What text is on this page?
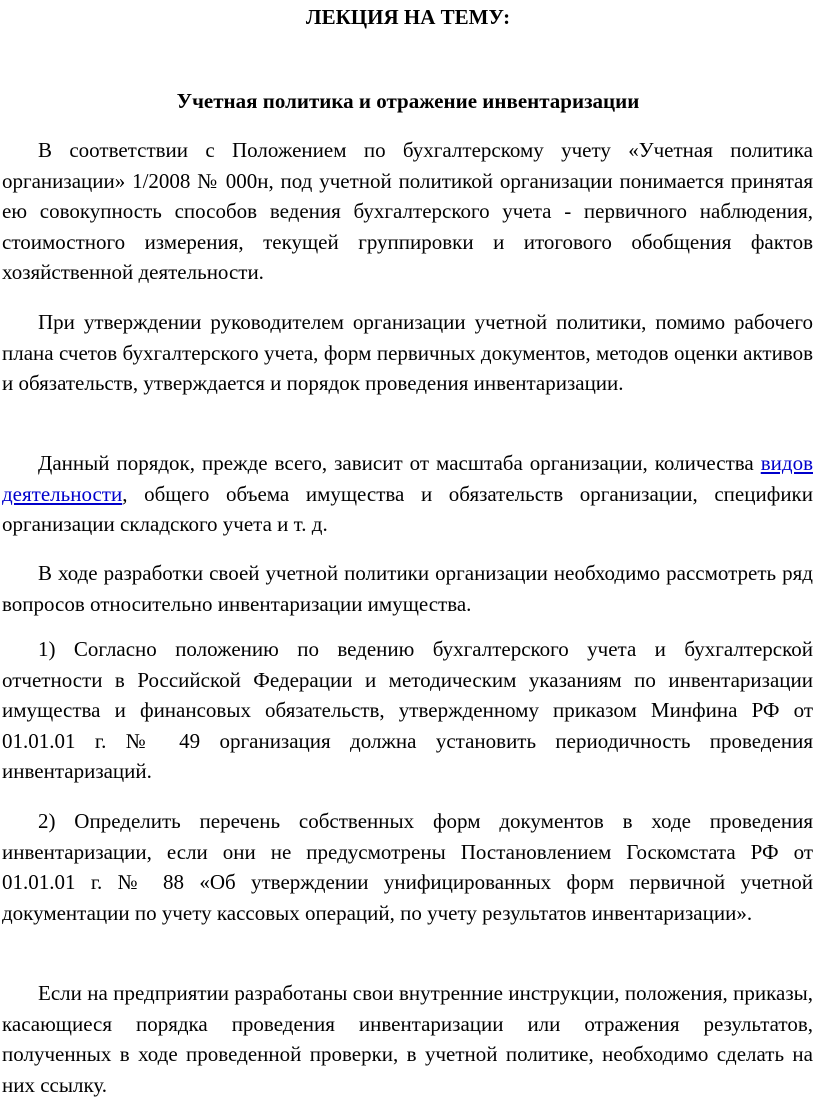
ЛЕКЦИЯ НА ТЕМУ:
Учетная политика и отражение инвентаризации

В соответствии с Положением по бухгалтерскому учету «Учетная политика организации» 1/2008 № 000н, под учетной политикой организации понимается принятая ею совокупность способов ведения бухгалтерского учета - первичного наблюдения, стоимостного измерения, текущей группировки и итогового обобщения фактов хозяйственной деятельности.

При утверждении руководителем организации учетной политики, помимо рабочего плана счетов бухгалтерского учета, форм первичных документов, методов оценки активов и обязательств, утверждается и порядок проведения инвентаризации.

Данный порядок, прежде всего, зависит от масштаба организации, количества видов деятельности, общего объема имущества и обязательств организации, специфики организации складского учета и т. д.

В ходе разработки своей учетной политики организации необходимо рассмотреть ряд вопросов относительно инвентаризации имущества.

1) Согласно положению по ведению бухгалтерского учета и бухгалтерской отчетности в Российской Федерации и методическим указаниям по инвентаризации имущества и финансовых обязательств, утвержденному приказом Минфина РФ от 01.01.01 г. № 49 организация должна установить периодичность проведения инвентаризаций.

2) Определить перечень собственных форм документов в ходе проведения инвентаризации, если они не предусмотрены Постановлением Госкомстата РФ от 01.01.01 г. № 88 «Об утверждении унифицированных форм первичной учетной документации по учету кассовых операций, по учету результатов инвентаризации».

Если на предприятии разработаны свои внутренние инструкции, положения, приказы, касающиеся порядка проведения инвентаризации или отражения результатов, полученных в ходе проведенной проверки, в учетной политике, необходимо сделать на них ссылку.
